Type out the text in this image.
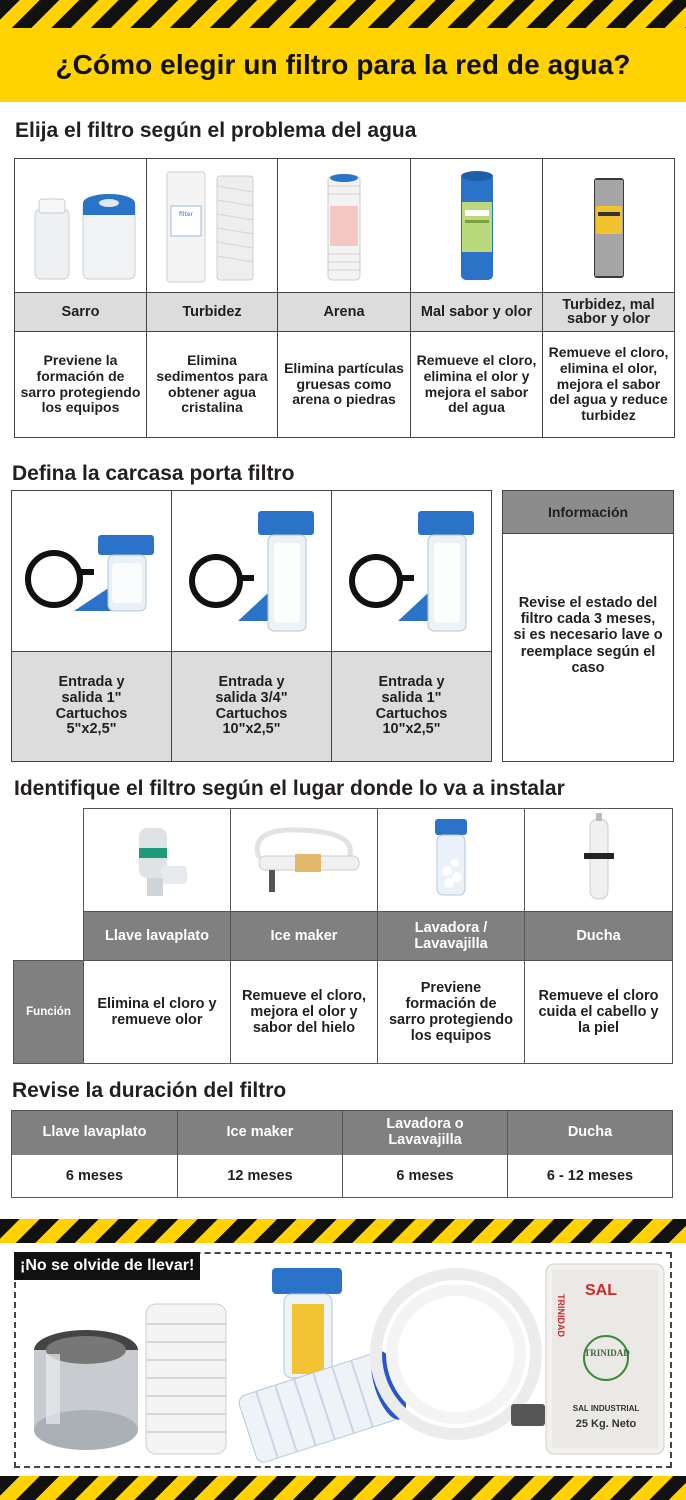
¿Cómo elegir un filtro para la red de agua?
Elija el filtro según el problema del agua
Sarro
Previene la formación de sarro protegiendo los equipos
filter
Turbidez
Elimina sedimentos para obtener agua cristalina
Arena
Elimina partículas gruesas como arena o piedras
Mal sabor y olor
Remueve el cloro, elimina el olor y mejora el sabor del agua
Turbidez, mal sabor y olor
Remueve el cloro, elimina el olor, mejora el sabor del agua y reduce turbidez
Defina la carcasa porta filtro
Entrada y
salida 1"
Cartuchos
5"x2,5"
Entrada y
salida 3/4"
Cartuchos
10"x2,5"
Entrada y
salida 1"
Cartuchos
10"x2,5"
Información
Revise el estado del filtro cada 3 meses, si es necesario lave o reemplace según el caso
Identifique el filtro según el lugar donde lo va a instalar
Llave lavaplato	Ice maker
Lavadora / Lavavajilla
Ducha
Función
Elimina el cloro y remueve olor
Remueve el cloro, mejora el olor y sabor del hielo
Previene formación de sarro protegiendo los equipos
Remueve el cloro cuida el cabello y la piel
Revise la duración del filtro
Llave lavaplato
6 meses
Ice maker
12 meses
Lavadora o Lavavajilla
6 meses
Ducha
6 - 12 meses
SAL
TRINIDAD
TRINIDAD
SAL INDUSTRIAL
25 Kg. Neto
¡No se olvide de llevar!
